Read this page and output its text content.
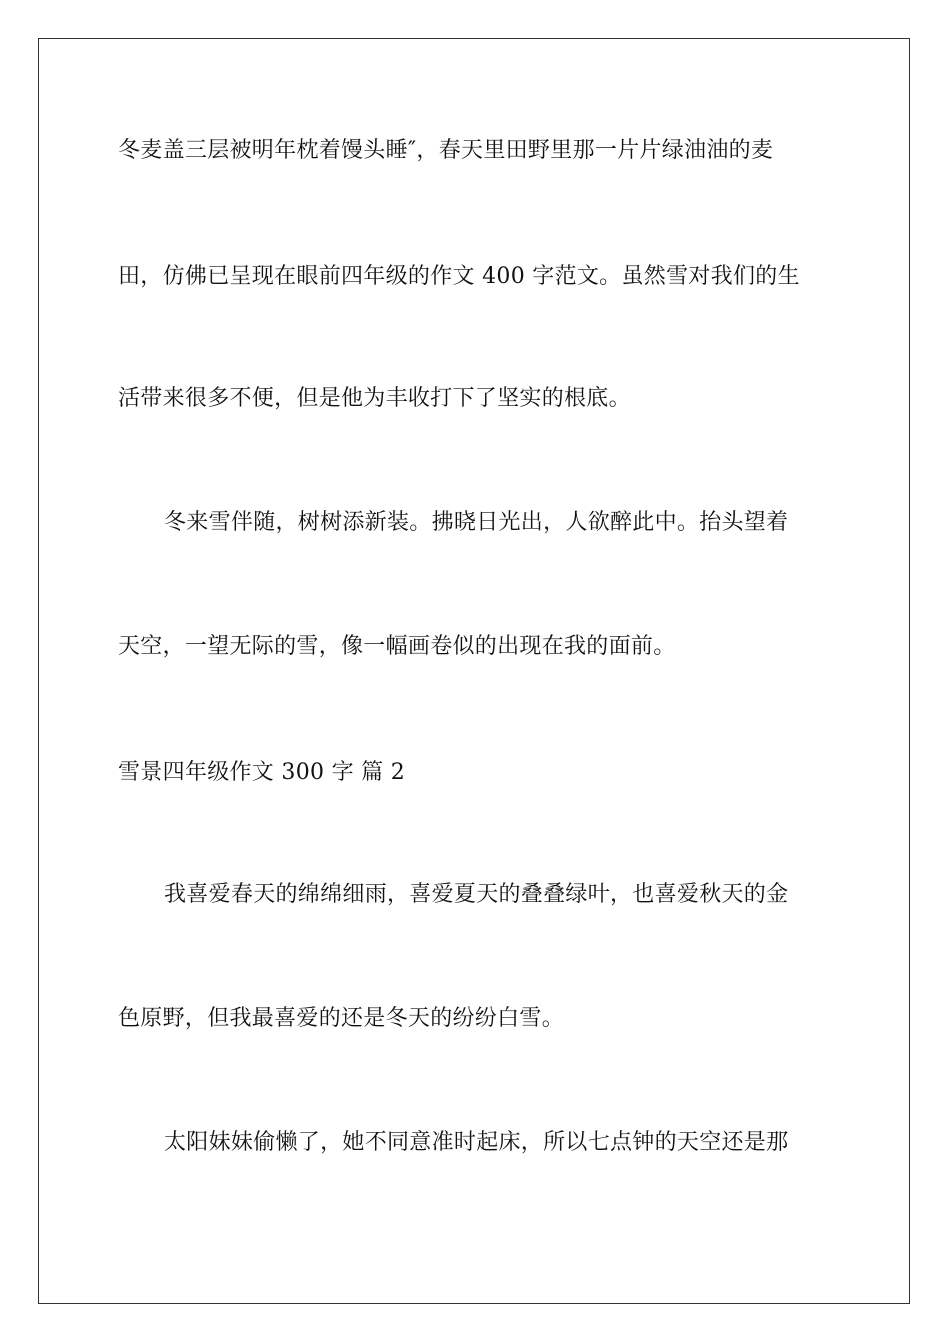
冬麦盖三层被明年枕着馒头睡″，春天里田野里那一片片绿油油的麦
田，仿佛已呈现在眼前四年级的作文 400 字范文。虽然雪对我们的生
活带来很多不便，但是他为丰收打下了坚实的根底。
冬来雪伴随，树树添新装。拂晓日光出，人欲醉此中。抬头望着
天空，一望无际的雪，像一幅画卷似的出现在我的面前。
雪景四年级作文 300 字 篇 2
我喜爱春天的绵绵细雨，喜爱夏天的叠叠绿叶，也喜爱秋天的金
色原野，但我最喜爱的还是冬天的纷纷白雪。
太阳妹妹偷懒了，她不同意准时起床，所以七点钟的天空还是那
